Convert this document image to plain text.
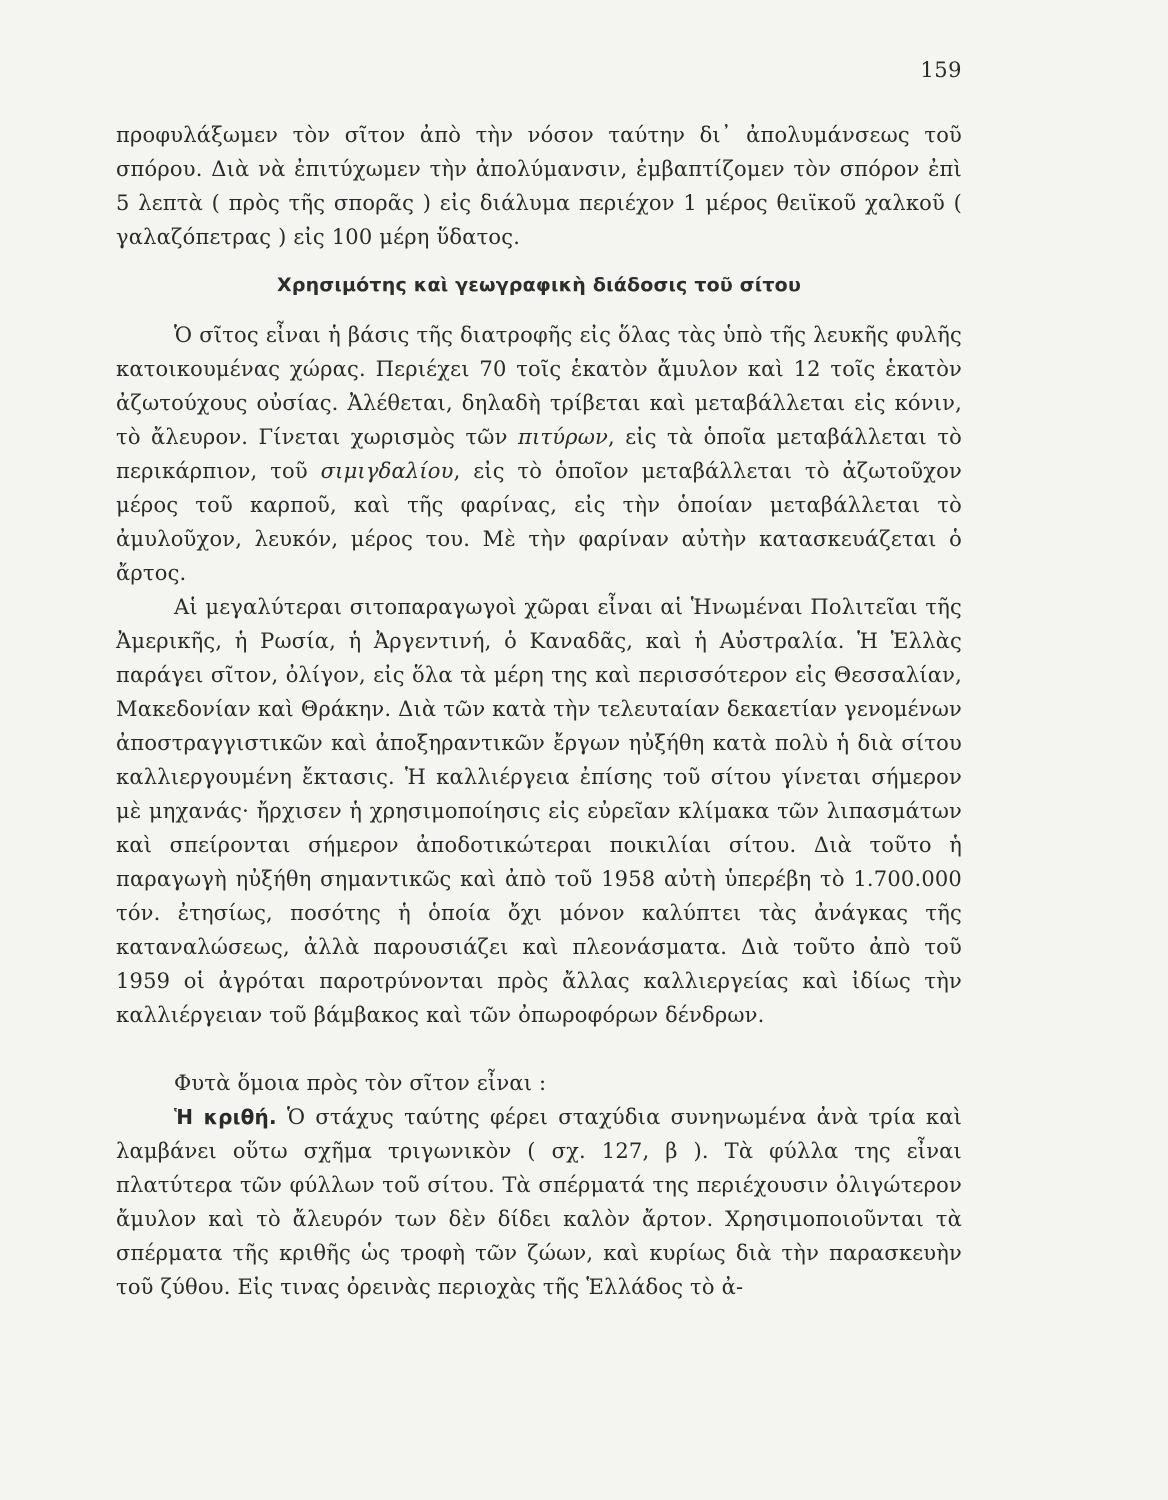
159

προφυλάξωμεν τὸν σῖτον ἀπὸ τὴν νόσον ταύτην δι᾽ ἀπολυμάνσεως τοῦ σπόρου. Διὰ νὰ ἐπιτύχωμεν τὴν ἀπολύμανσιν, ἐμβαπτίζομεν τὸν σπόρον ἐπὶ 5 λεπτὰ ( πρὸς τῆς σπορᾶς ) εἰς διάλυμα περιέχον 1 μέρος θειϊκοῦ χαλκοῦ ( γαλαζόπετρας ) εἰς 100 μέρη ὕδατος.

Χρησιμότης καὶ γεωγραφικὴ διάδοσις τοῦ σίτου

Ὁ σῖτος εἶναι ἡ βάσις τῆς διατροφῆς εἰς ὅλας τὰς ὑπὸ τῆς λευκῆς φυλῆς κατοικουμένας χώρας. Περιέχει 70 τοῖς ἑκατὸν ἄμυλον καὶ 12 τοῖς ἑκατὸν ἀζωτούχους οὐσίας. Ἀλέθεται, δηλαδὴ τρίβεται καὶ μεταβάλλεται εἰς κόνιν, τὸ ἄλευρον. Γίνεται χωρισμὸς τῶν πιτύρων, εἰς τὰ ὁποῖα μεταβάλλεται τὸ περικάρπιον, τοῦ σιμιγδαλίου, εἰς τὸ ὁποῖον μεταβάλλεται τὸ ἀζωτοῦχον μέρος τοῦ καρποῦ, καὶ τῆς φαρίνας, εἰς τὴν ὁποίαν μεταβάλλεται τὸ ἀμυλοῦχον, λευκόν, μέρος του. Μὲ τὴν φαρίναν αὐτὴν κατασκευάζεται ὁ ἄρτος.

Αἱ μεγαλύτεραι σιτοπαραγωγοὶ χῶραι εἶναι αἱ Ἡνωμέναι Πολιτεῖαι τῆς Ἀμερικῆς, ἡ Ρωσία, ἡ Ἀργεντινή, ὁ Καναδᾶς, καὶ ἡ Αὐστραλία. Ἡ Ἑλλὰς παράγει σῖτον, ὀλίγον, εἰς ὅλα τὰ μέρη της καὶ περισσότερον εἰς Θεσσαλίαν, Μακεδονίαν καὶ Θράκην. Διὰ τῶν κατὰ τὴν τελευταίαν δεκαετίαν γενομένων ἀποστραγγιστικῶν καὶ ἀποξηραντικῶν ἔργων ηὐξήθη κατὰ πολὺ ἡ διὰ σίτου καλλιεργουμένη ἔκτασις. Ἡ καλλιέργεια ἐπίσης τοῦ σίτου γίνεται σήμερον μὲ μηχανάς· ἤρχισεν ἡ χρησιμοποίησις εἰς εὐρεῖαν κλίμακα τῶν λιπασμάτων καὶ σπείρονται σήμερον ἀποδοτικώτεραι ποικιλίαι σίτου. Διὰ τοῦτο ἡ παραγωγὴ ηὐξήθη σημαντικῶς καὶ ἀπὸ τοῦ 1958 αὐτὴ ὑπερέβη τὸ 1.700.000 τόν. ἐτησίως, ποσότης ἡ ὁποία ὄχι μόνον καλύπτει τὰς ἀνάγκας τῆς καταναλώσεως, ἀλλὰ παρουσιάζει καὶ πλεονάσματα. Διὰ τοῦτο ἀπὸ τοῦ 1959 οἱ ἀγρόται παροτρύνονται πρὸς ἄλλας καλλιεργείας καὶ ἰδίως τὴν καλλιέργειαν τοῦ βάμβακος καὶ τῶν ὀπωροφόρων δένδρων.

Φυτὰ ὅμοια πρὸς τὸν σῖτον εἶναι :

Ἡ κριθή. Ὁ στάχυς ταύτης φέρει σταχύδια συνηνωμένα ἀνὰ τρία καὶ λαμβάνει οὕτω σχῆμα τριγωνικὸν ( σχ. 127, β ). Τὰ φύλλα της εἶναι πλατύτερα τῶν φύλλων τοῦ σίτου. Τὰ σπέρματά της περιέχουσιν ὀλιγώτερον ἄμυλον καὶ τὸ ἄλευρόν των δὲν δίδει καλὸν ἄρτον. Χρησιμοποιοῦνται τὰ σπέρματα τῆς κριθῆς ὡς τροφὴ τῶν ζώων, καὶ κυρίως διὰ τὴν παρασκευὴν τοῦ ζύθου. Εἰς τινας ὀρεινὰς περιοχὰς τῆς Ἑλλάδος τὸ ἀ-
